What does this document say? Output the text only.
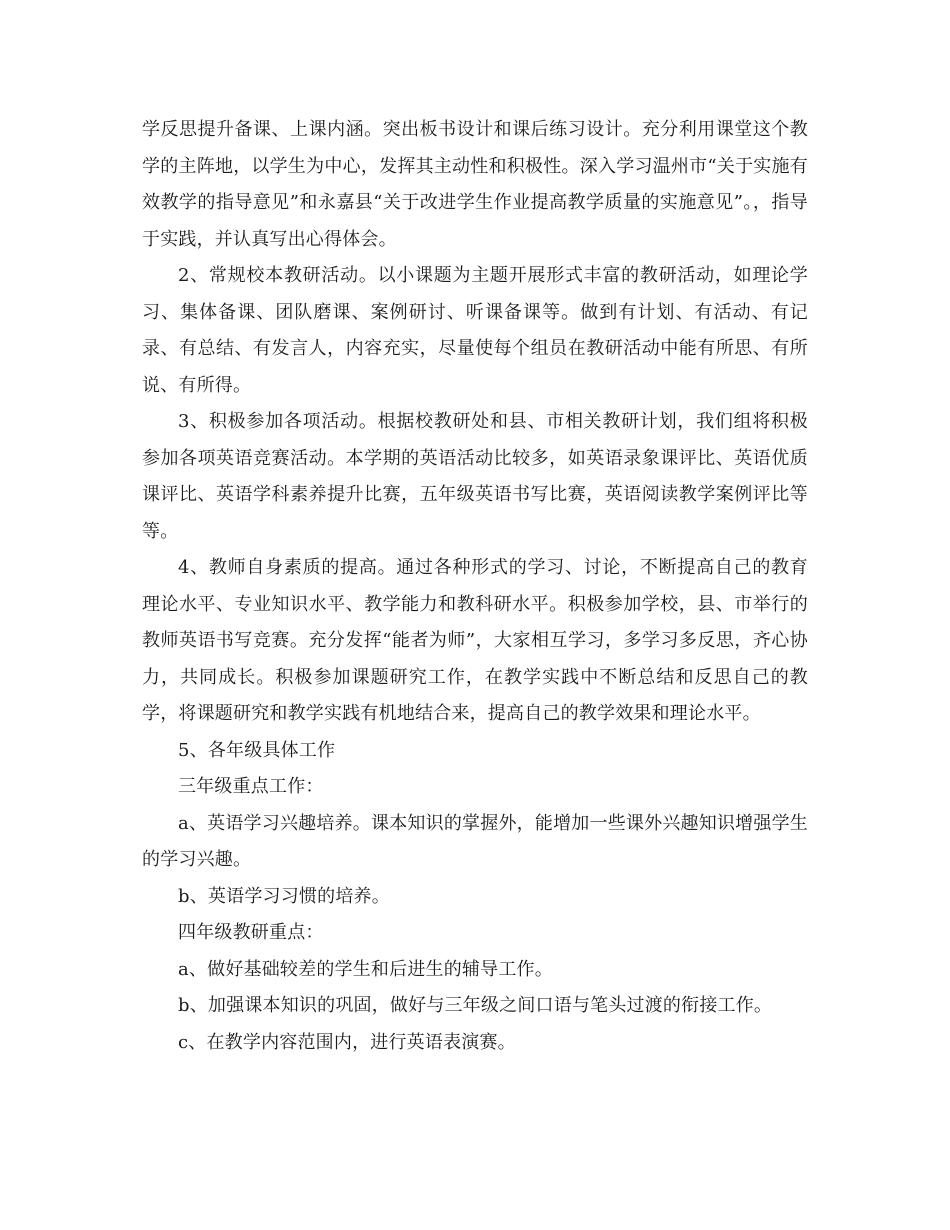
学反思提升备课、上课内涵。突出板书设计和课后练习设计。充分利用课堂这个教学的主阵地，以学生为中心，发挥其主动性和积极性。深入学习温州市“关于实施有效教学的指导意见”和永嘉县“关于改进学生作业提高教学质量的实施意见”。，指导于实践，并认真写出心得体会。

2、常规校本教研活动。以小课题为主题开展形式丰富的教研活动，如理论学习、集体备课、团队磨课、案例研讨、听课备课等。做到有计划、有活动、有记录、有总结、有发言人，内容充实，尽量使每个组员在教研活动中能有所思、有所说、有所得。

3、积极参加各项活动。根据校教研处和县、市相关教研计划，我们组将积极参加各项英语竞赛活动。本学期的英语活动比较多，如英语录象课评比、英语优质课评比、英语学科素养提升比赛，五年级英语书写比赛，英语阅读教学案例评比等等。

4、教师自身素质的提高。通过各种形式的学习、讨论，不断提高自己的教育理论水平、专业知识水平、教学能力和教科研水平。积极参加学校，县、市举行的教师英语书写竞赛。充分发挥“能者为师”，大家相互学习，多学习多反思，齐心协力，共同成长。积极参加课题研究工作，在教学实践中不断总结和反思自己的教学，将课题研究和教学实践有机地结合来，提高自己的教学效果和理论水平。

5、各年级具体工作

三年级重点工作：

a、英语学习兴趣培养。课本知识的掌握外，能增加一些课外兴趣知识增强学生的学习兴趣。

b、英语学习习惯的培养。

四年级教研重点：

a、做好基础较差的学生和后进生的辅导工作。

b、加强课本知识的巩固，做好与三年级之间口语与笔头过渡的衔接工作。

c、在教学内容范围内，进行英语表演赛。
